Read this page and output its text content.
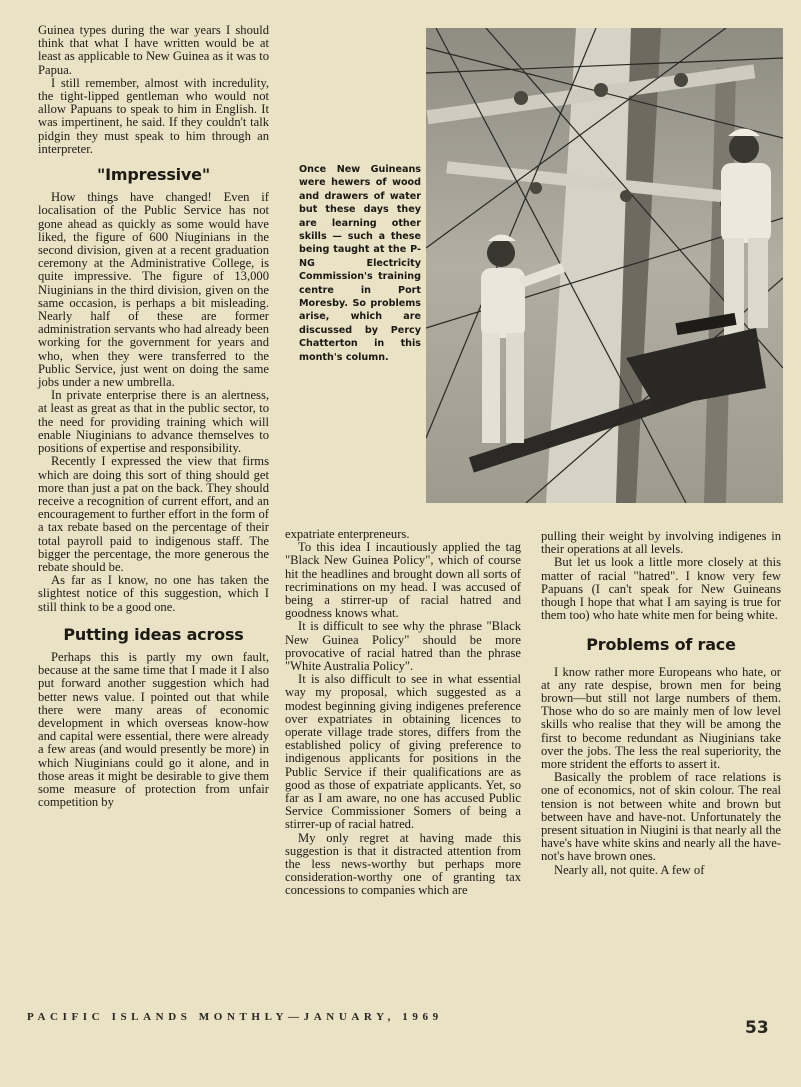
Guinea types during the war years I should think that what I have written would be at least as applicable to New Guinea as it was to Papua.

I still remember, almost with incredulity, the tight-lipped gentleman who would not allow Papuans to speak to him in English. It was impertinent, he said. If they couldn't talk pidgin they must speak to him through an interpreter.

"Impressive"

How things have changed! Even if localisation of the Public Service has not gone ahead as quickly as some would have liked, the figure of 600 Niuginians in the second division, given at a recent graduation ceremony at the Administrative College, is quite impressive. The figure of 13,000 Niuginians in the third division, given on the same occasion, is perhaps a bit misleading. Nearly half of these are former administration servants who had already been working for the government for years and who, when they were transferred to the Public Service, just went on doing the same jobs under a new umbrella.

In private enterprise there is an alertness, at least as great as that in the public sector, to the need for providing training which will enable Niuginians to advance themselves to positions of expertise and responsibility.

Recently I expressed the view that firms which are doing this sort of thing should get more than just a pat on the back. They should receive a recognition of current effort, and an encouragement to further effort in the form of a tax rebate based on the percentage of their total payroll paid to indigenous staff. The bigger the percentage, the more generous the rebate should be.

As far as I know, no one has taken the slightest notice of this suggestion, which I still think to be a good one.

Putting ideas across

Perhaps this is partly my own fault, because at the same time that I made it I also put forward another suggestion which had better news value. I pointed out that while there were many areas of economic development in which overseas know-how and capital were essential, there were already a few areas (and would presently be more) in which Niuginians could go it alone, and in those areas it might be desirable to give them some measure of protection from unfair competition by

Once New Guineans were hewers of wood and drawers of water but these days they are learning other skills — such a these being taught at the P-NG Electricity Commission's training centre in Port Moresby. So problems arise, which are discussed by Percy Chatterton in this month's column.

expatriate enterpreneurs.

To this idea I incautiously applied the tag "Black New Guinea Policy", which of course hit the headlines and brought down all sorts of recriminations on my head. I was accused of being a stirrer-up of racial hatred and goodness knows what.

It is difficult to see why the phrase "Black New Guinea Policy" should be more provocative of racial hatred than the phrase "White Australia Policy".

It is also difficult to see in what essential way my proposal, which suggested as a modest beginning giving indigenes preference over expatriates in obtaining licences to operate village trade stores, differs from the established policy of giving preference to indigenous applicants for positions in the Public Service if their qualifications are as good as those of expatriate applicants. Yet, so far as I am aware, no one has accused Public Service Commissioner Somers of being a stirrer-up of racial hatred.

My only regret at having made this suggestion is that it distracted attention from the less news-worthy but perhaps more consideration-worthy one of granting tax concessions to companies which are

pulling their weight by involving indigenes in their operations at all levels.

But let us look a little more closely at this matter of racial "hatred". I know very few Papuans (I can't speak for New Guineans though I hope that what I am saying is true for them too) who hate white men for being white.

Problems of race

I know rather more Europeans who hate, or at any rate despise, brown men for being brown—but still not large numbers of them. Those who do so are mainly men of low level skills who realise that they will be among the first to become redundant as Niuginians take over the jobs. The less the real superiority, the more strident the efforts to assert it.

Basically the problem of race relations is one of economics, not of skin colour. The real tension is not between white and brown but between have and have-not. Unfortunately the present situation in Niugini is that nearly all the have's have white skins and nearly all the have-not's have brown ones.

Nearly all, not quite. A few of

PACIFIC ISLANDS MONTHLY—JANUARY, 1969
53
